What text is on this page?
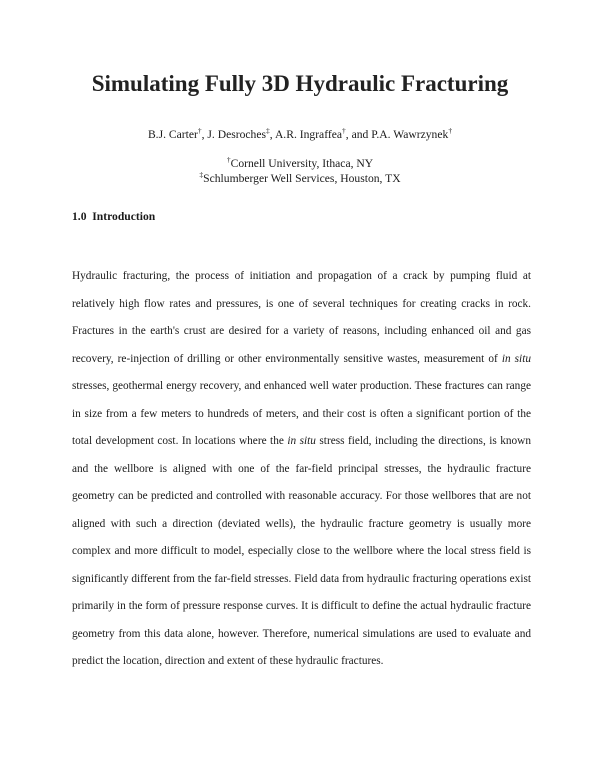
Simulating Fully 3D Hydraulic Fracturing
B.J. Carter†, J. Desroches‡, A.R. Ingraffea†, and P.A. Wawrzynek†
†Cornell University, Ithaca, NY
‡Schlumberger Well Services, Houston, TX
1.0 Introduction

Hydraulic fracturing, the process of initiation and propagation of a crack by pumping fluid at relatively high flow rates and pressures, is one of several techniques for creating cracks in rock. Fractures in the earth's crust are desired for a variety of reasons, including enhanced oil and gas recovery, re-injection of drilling or other environmentally sensitive wastes, measurement of in situ stresses, geothermal energy recovery, and enhanced well water production. These fractures can range in size from a few meters to hundreds of meters, and their cost is often a significant portion of the total development cost. In locations where the in situ stress field, including the directions, is known and the wellbore is aligned with one of the far-field principal stresses, the hydraulic fracture geometry can be predicted and controlled with reasonable accuracy. For those wellbores that are not aligned with such a direction (deviated wells), the hydraulic fracture geometry is usually more complex and more difficult to model, especially close to the wellbore where the local stress field is significantly different from the far-field stresses. Field data from hydraulic fracturing operations exist primarily in the form of pressure response curves. It is difficult to define the actual hydraulic fracture geometry from this data alone, however. Therefore, numerical simulations are used to evaluate and predict the location, direction and extent of these hydraulic fractures.
